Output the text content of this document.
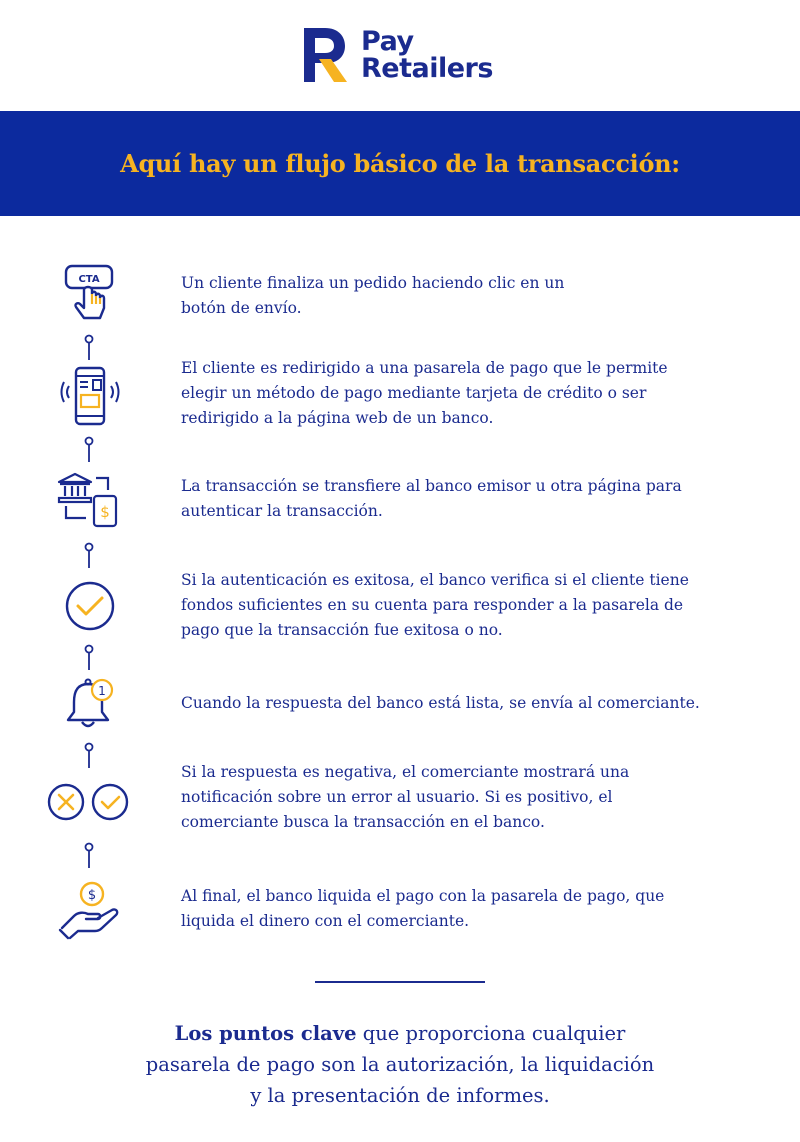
Pay
Retailers
Aquí hay un flujo básico de la transacción:
CTA	Un cliente finaliza un pedido haciendo clic en un
botón de envío.

El cliente es redirigido a una pasarela de pago que le permite
elegir un método de pago mediante tarjeta de crédito o ser
redirigido a la página web de un banco.

$

La transacción se transfiere al banco emisor u otra página para
autenticar la transacción.

Si la autenticación es exitosa, el banco verifica si el cliente tiene
fondos suficientes en su cuenta para responder a la pasarela de
pago que la transacción fue exitosa o no.

1

Cuando la respuesta del banco está lista, se envía al comerciante.

Si la respuesta es negativa, el comerciante mostrará una
notificación sobre un error al usuario. Si es positivo, el
comerciante busca la transacción en el banco.

$	Al final, el banco liquida el pago con la pasarela de pago, que
liquida el dinero con el comerciante.

Los puntos clave que proporciona cualquier
pasarela de pago son la autorización, la liquidación
y la presentación de informes.
